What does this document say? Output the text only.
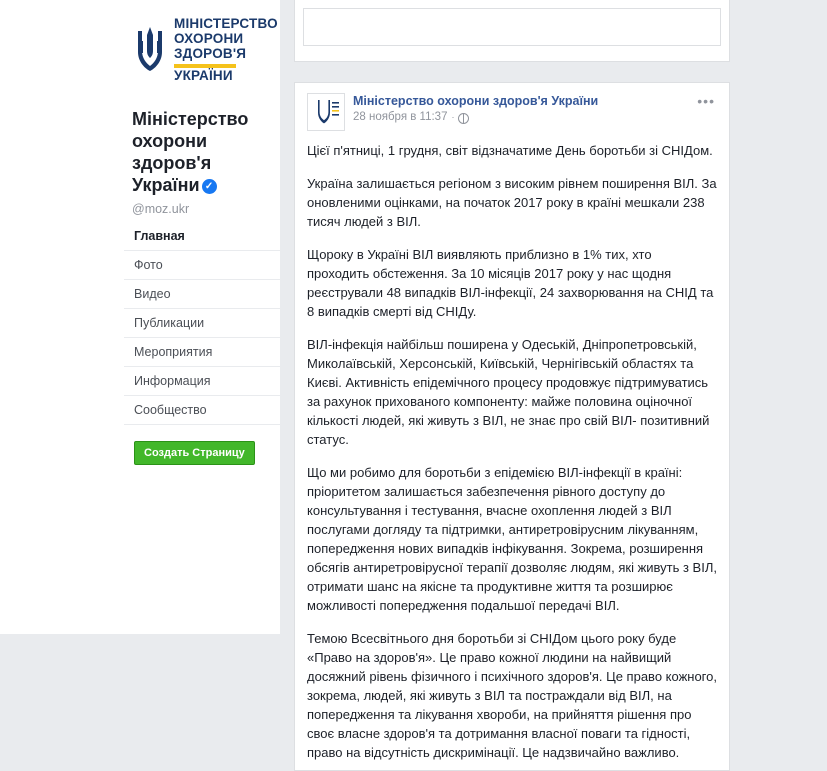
МІНІСТЕРСТВО
ОХОРОНИ
ЗДОРОВ'Я
УКРАЇНИ
Міністерство охорони здоров'я України ✓
@moz.ukr
Главная
Фото
Видео
Публикации
Мероприятия
Информация
Сообщество
Создать Страницу
Міністерство охорони здоров'я України
28 ноября в 11:37 ·
•••

Цієї п'ятниці, 1 грудня, світ відзначатиме День боротьби зі СНІДом.

Україна залишається регіоном з високим рівнем поширення ВІЛ. За оновленими оцінками, на початок 2017 року в країні мешкали 238 тисяч людей з ВІЛ.

Щороку в Україні ВІЛ виявляють приблизно в 1% тих, хто проходить обстеження. За 10 місяців 2017 року у нас щодня реєстрували 48 випадків ВІЛ-інфекції, 24 захворювання на СНІД та 8 випадків смерті від СНІДу.

ВІЛ-інфекція найбільш поширена у Одеській, Дніпропетровській, Миколаївській, Херсонській, Київській, Чернігівській областях та Києві. Активність епідемічного процесу продовжує підтримуватись за рахунок прихованого компоненту: майже половина оціночної кількості людей, які живуть з ВІЛ, не знає про свій ВІЛ- позитивний статус.

Що ми робимо для боротьби з епідемією ВІЛ-інфекції в країні: пріоритетом залишається забезпечення рівного доступу до консультування і тестування, вчасне охоплення людей з ВІЛ послугами догляду та підтримки, антиретровірусним лікуванням, попередження нових випадків інфікування. Зокрема, розширення обсягів антиретровірусної терапії дозволяє людям, які живуть з ВІЛ, отримати шанс на якісне та продуктивне життя та розширює можливості попередження подальшої передачі ВІЛ.

Темою Всесвітнього дня боротьби зі СНІДом цього року буде «Право на здоров'я». Це право кожної людини на найвищий досяжний рівень фізичного і психічного здоров'я. Це право кожного, зокрема, людей, які живуть з ВІЛ та постраждали від ВІЛ, на попередження та лікування хвороби, на прийняття рішення про своє власне здоров'я та дотримання власної поваги та гідності, право на відсутність дискримінації. Це надзвичайно важливо.
